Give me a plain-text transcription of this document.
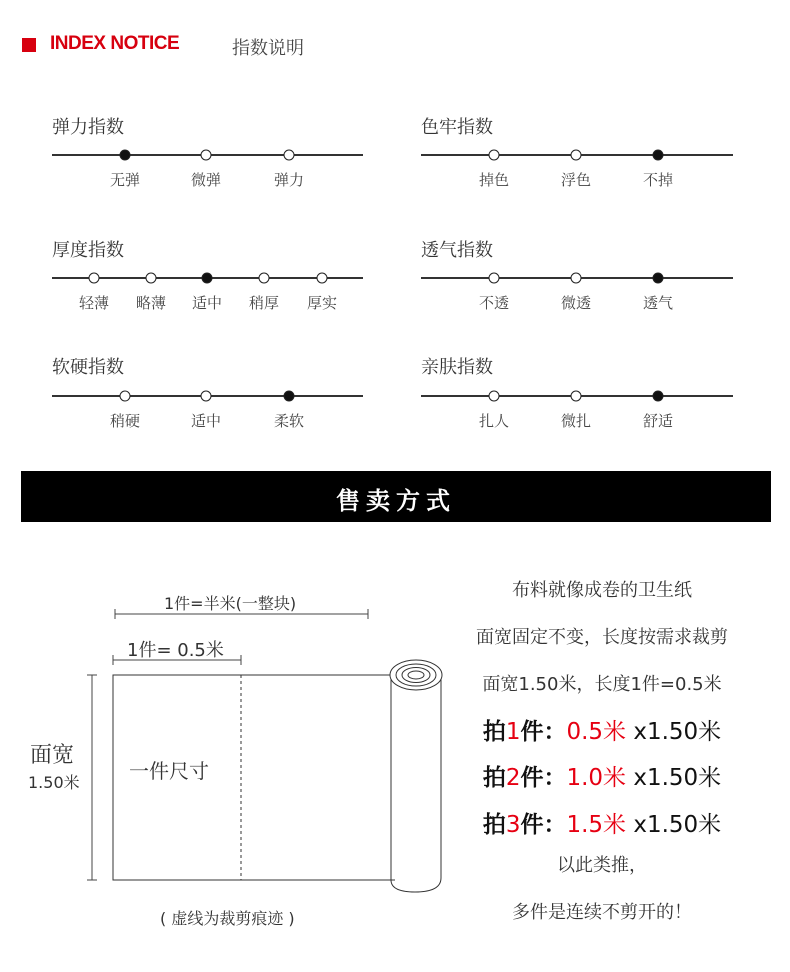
INDEX NOTICE	指数说明
弹力指数
无弹	微弹	弹力
色牢指数
掉色	浮色	不掉
厚度指数
轻薄 略薄 适中 稍厚 厚实
透气指数
不透	微透	透气
软硬指数
稍硬	适中	柔软
亲肤指数
扎人	微扎	舒适
售卖方式
1件=半米(一整块)
1件= 0.5米
面宽
1.50米 一件尺寸
( 虚线为裁剪痕迹 )
布料就像成卷的卫生纸
面宽固定不变，长度按需求裁剪
面宽1.50米，长度1件=0.5米
拍1件：0.5米 x1.50米
拍2件：1.0米 x1.50米
拍3件：1.5米 x1.50米
以此类推，
多件是连续不剪开的！
